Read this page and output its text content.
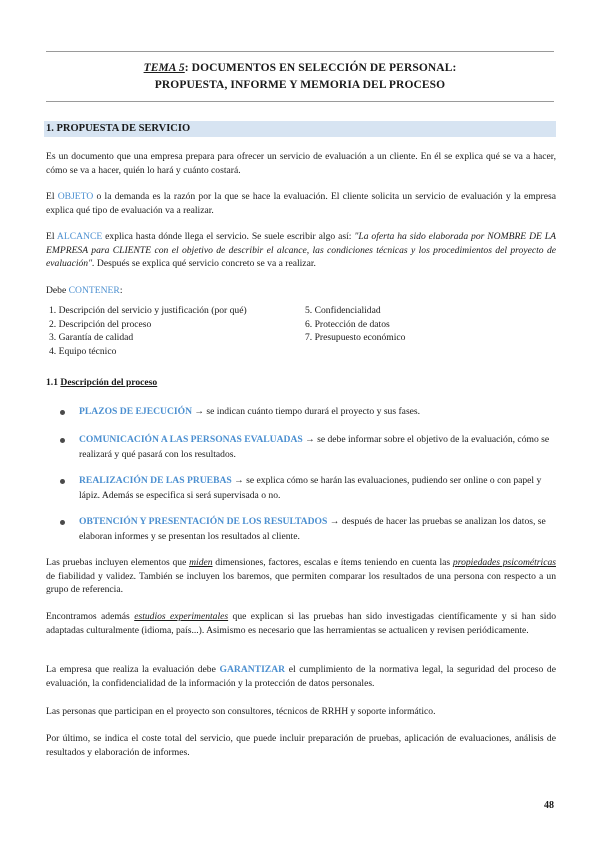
TEMA 5: DOCUMENTOS EN SELECCIÓN DE PERSONAL:
PROPUESTA, INFORME Y MEMORIA DEL PROCESO
1. PROPUESTA DE SERVICIO
Es un documento que una empresa prepara para ofrecer un servicio de evaluación a un cliente. En él se explica qué se va a hacer, cómo se va a hacer, quién lo hará y cuánto costará.
El OBJETO o la demanda es la razón por la que se hace la evaluación. El cliente solicita un servicio de evaluación y la empresa explica qué tipo de evaluación va a realizar.
El ALCANCE explica hasta dónde llega el servicio. Se suele escribir algo así: "La oferta ha sido elaborada por NOMBRE DE LA EMPRESA para CLIENTE con el objetivo de describir el alcance, las condiciones técnicas y los procedimientos del proyecto de evaluación". Después se explica qué servicio concreto se va a realizar.
Debe CONTENER:
1. Descripción del servicio y justificación (por qué)
2. Descripción del proceso
3. Garantía de calidad
4. Equipo técnico
5. Confidencialidad
6. Protección de datos
7. Presupuesto económico
1.1 Descripción del proceso
PLAZOS DE EJECUCIÓN → se indican cuánto tiempo durará el proyecto y sus fases.
COMUNICACIÓN A LAS PERSONAS EVALUADAS → se debe informar sobre el objetivo de la evaluación, cómo se realizará y qué pasará con los resultados.
REALIZACIÓN DE LAS PRUEBAS → se explica cómo se harán las evaluaciones, pudiendo ser online o con papel y lápiz. Además se especifica si será supervisada o no.
OBTENCIÓN Y PRESENTACIÓN DE LOS RESULTADOS → después de hacer las pruebas se analizan los datos, se elaboran informes y se presentan los resultados al cliente.
Las pruebas incluyen elementos que miden dimensiones, factores, escalas e ítems teniendo en cuenta las propiedades psicométricas de fiabilidad y validez. También se incluyen los baremos, que permiten comparar los resultados de una persona con respecto a un grupo de referencia.
Encontramos además estudios experimentales que explican si las pruebas han sido investigadas científicamente y si han sido adaptadas culturalmente (idioma, país...). Asimismo es necesario que las herramientas se actualicen y revisen periódicamente.
La empresa que realiza la evaluación debe GARANTIZAR el cumplimiento de la normativa legal, la seguridad del proceso de evaluación, la confidencialidad de la información y la protección de datos personales.
Las personas que participan en el proyecto son consultores, técnicos de RRHH y soporte informático.
Por último, se indica el coste total del servicio, que puede incluir preparación de pruebas, aplicación de evaluaciones, análisis de resultados y elaboración de informes.
48
